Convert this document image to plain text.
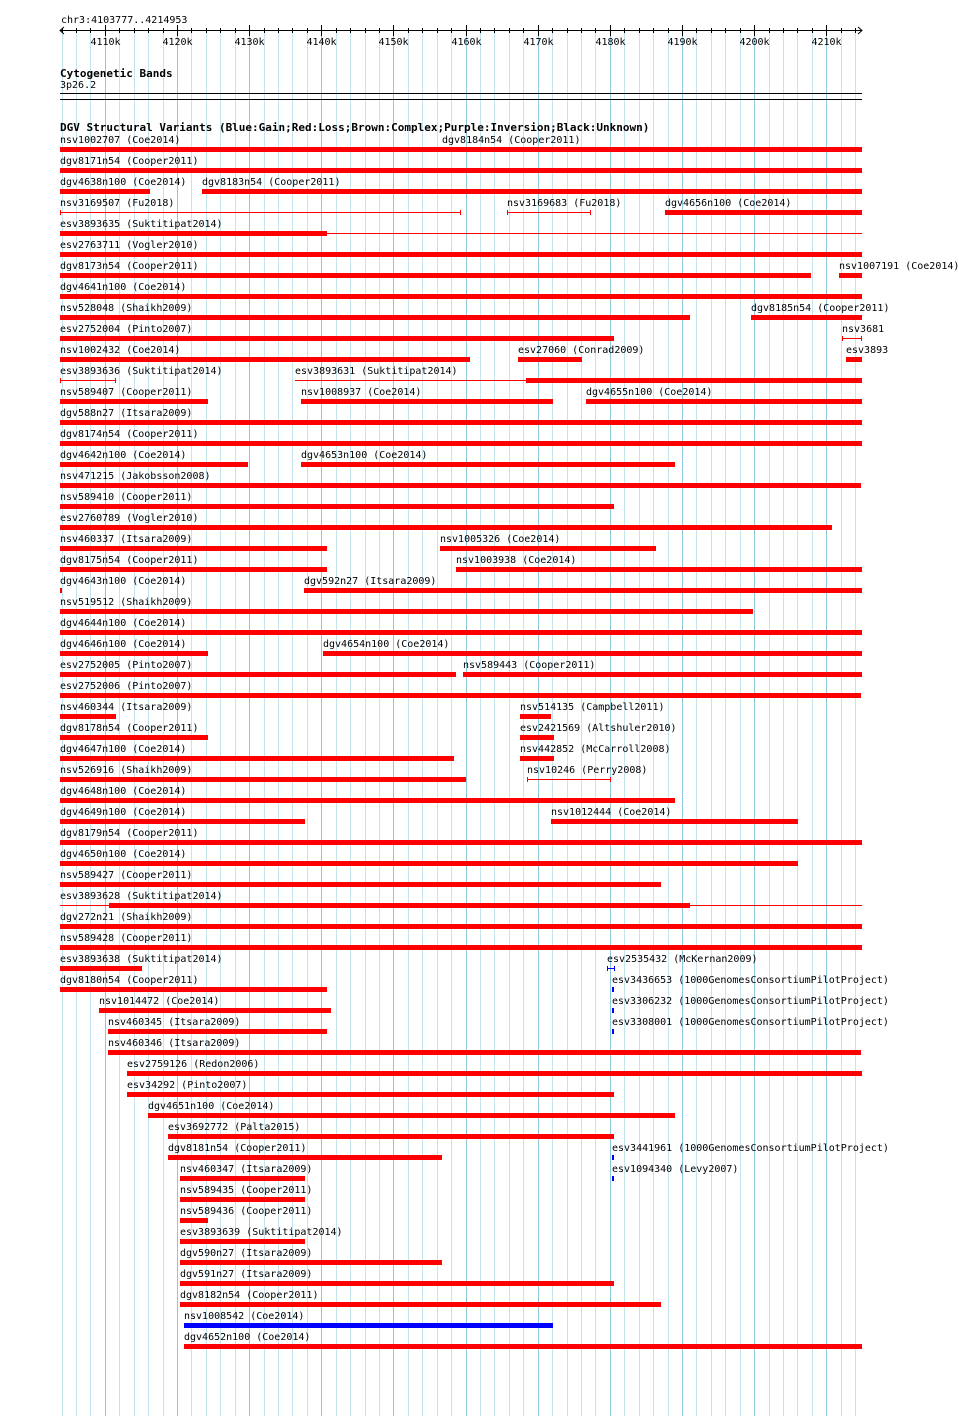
chr3:4103777..4214953
4110k	4120k	4130k	4140k	4150k	4160k	4170k	4180k	4190k	4200k	4210k
Cytogenetic Bands
3p26.2
DGV Structural Variants (Blue:Gain;Red:Loss;Brown:Complex;Purple:Inversion;Black:Unknown)
nsv1002707 (Coe2014)	dgv8184n54 (Cooper2011)
dgv8171n54 (Cooper2011)
dgv4638n100 (Coe2014) dgv8183n54 (Cooper2011)
nsv3169507 (Fu2018)	nsv3169683 (Fu2018)	dgv4656n100 (Coe2014)
esv3893635 (Suktitipat2014)
esv2763711 (Vogler2010)
dgv8173n54 (Cooper2011)	nsv1007191 (Coe2014)
dgv4641n100 (Coe2014)
nsv528048 (Shaikh2009)	dgv8185n54 (Cooper2011)
esv2752004 (Pinto2007)	nsv3681
nsv1002432 (Coe2014)	esv27060 (Conrad2009)	esv3893
esv3893636 (Suktitipat2014)	esv3893631 (Suktitipat2014)
nsv589407 (Cooper2011)	nsv1008937 (Coe2014)	dgv4655n100 (Coe2014)
dgv588n27 (Itsara2009)
dgv8174n54 (Cooper2011)
dgv4642n100 (Coe2014)	dgv4653n100 (Coe2014)
nsv471215 (Jakobsson2008)
nsv589410 (Cooper2011)
esv2760789 (Vogler2010)
nsv460337 (Itsara2009)	nsv1005326 (Coe2014)
dgv8175n54 (Cooper2011)	nsv1003938 (Coe2014)
dgv4643n100 (Coe2014)	dgv592n27 (Itsara2009)
nsv519512 (Shaikh2009)
dgv4644n100 (Coe2014)
dgv4646n100 (Coe2014)	dgv4654n100 (Coe2014)
esv2752005 (Pinto2007)	nsv589443 (Cooper2011)
esv2752006 (Pinto2007)
nsv460344 (Itsara2009)	nsv514135 (Campbell2011)
dgv8178n54 (Cooper2011)	esv2421569 (Altshuler2010)
dgv4647n100 (Coe2014)	nsv442852 (McCarroll2008)
nsv526916 (Shaikh2009)	nsv10246 (Perry2008)
dgv4648n100 (Coe2014)
dgv4649n100 (Coe2014)	nsv1012444 (Coe2014)
dgv8179n54 (Cooper2011)
dgv4650n100 (Coe2014)
nsv589427 (Cooper2011)
esv3893628 (Suktitipat2014)
dgv272n21 (Shaikh2009)
nsv589428 (Cooper2011)
esv3893638 (Suktitipat2014)	esv2535432 (McKernan2009)
dgv8180n54 (Cooper2011)	esv3436653 (1000GenomesConsortiumPilotProject)
nsv1014472 (Coe2014)	esv3306232 (1000GenomesConsortiumPilotProject)
nsv460345 (Itsara2009)	esv3308001 (1000GenomesConsortiumPilotProject)
nsv460346 (Itsara2009)
esv2759126 (Redon2006)
esv34292 (Pinto2007)
dgv4651n100 (Coe2014)
esv3692772 (Palta2015)
dgv8181n54 (Cooper2011)	esv3441961 (1000GenomesConsortiumPilotProject)
nsv460347 (Itsara2009)	esv1094340 (Levy2007)
nsv589435 (Cooper2011)
nsv589436 (Cooper2011)
esv3893639 (Suktitipat2014)
dgv590n27 (Itsara2009)
dgv591n27 (Itsara2009)
dgv8182n54 (Cooper2011)
nsv1008542 (Coe2014)
dgv4652n100 (Coe2014)
